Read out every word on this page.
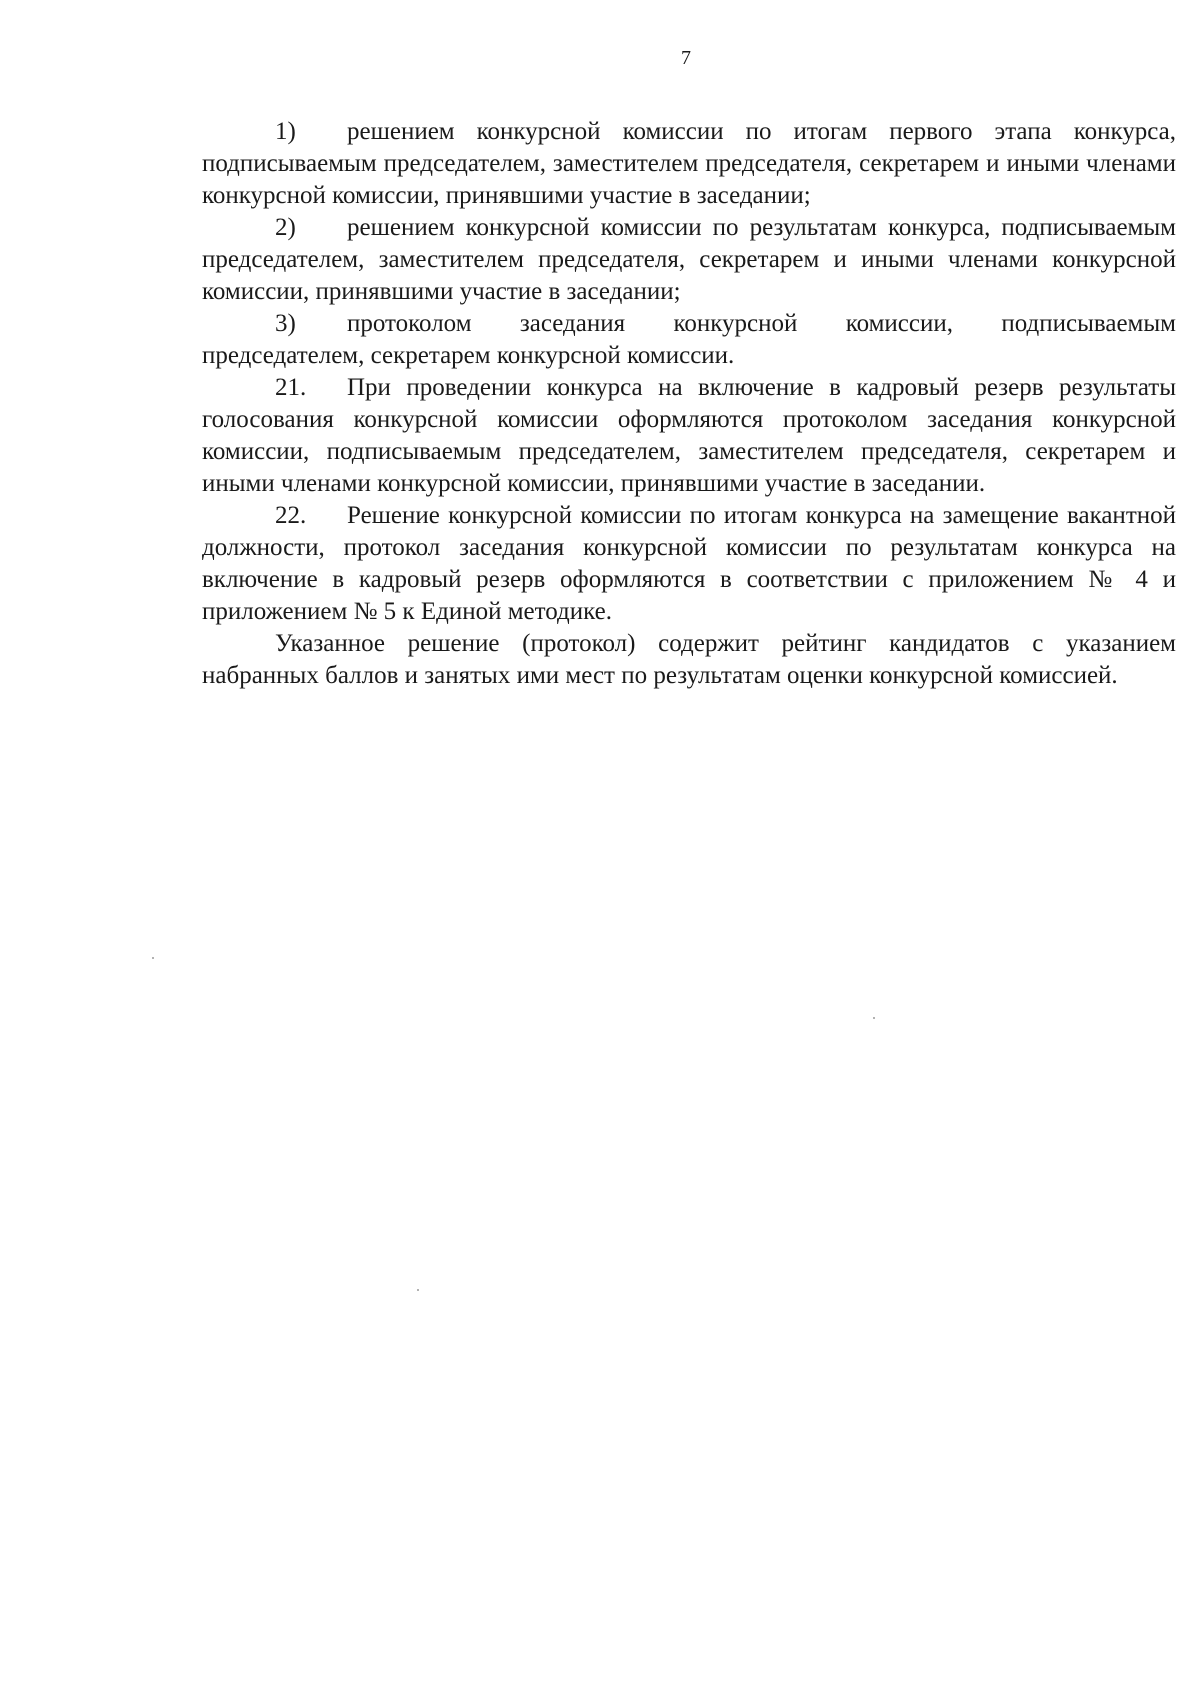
7

1) решением конкурсной комиссии по итогам первого этапа конкурса, подписываемым председателем, заместителем председателя, секретарем и иными членами конкурсной комиссии, принявшими участие в заседании;

2) решением конкурсной комиссии по результатам конкурса, подписываемым председателем, заместителем председателя, секретарем и иными членами конкурсной комиссии, принявшими участие в заседании;

3) протоколом заседания конкурсной комиссии, подписываемым председателем, секретарем конкурсной комиссии.

21. При проведении конкурса на включение в кадровый резерв результаты голосования конкурсной комиссии оформляются протоколом заседания конкурсной комиссии, подписываемым председателем, заместителем председателя, секретарем и иными членами конкурсной комиссии, принявшими участие в заседании.

22. Решение конкурсной комиссии по итогам конкурса на замещение вакантной должности, протокол заседания конкурсной комиссии по результатам конкурса на включение в кадровый резерв оформляются в соответствии с приложением № 4 и приложением № 5 к Единой методике.

Указанное решение (протокол) содержит рейтинг кандидатов с указанием набранных баллов и занятых ими мест по результатам оценки конкурсной комиссией.
